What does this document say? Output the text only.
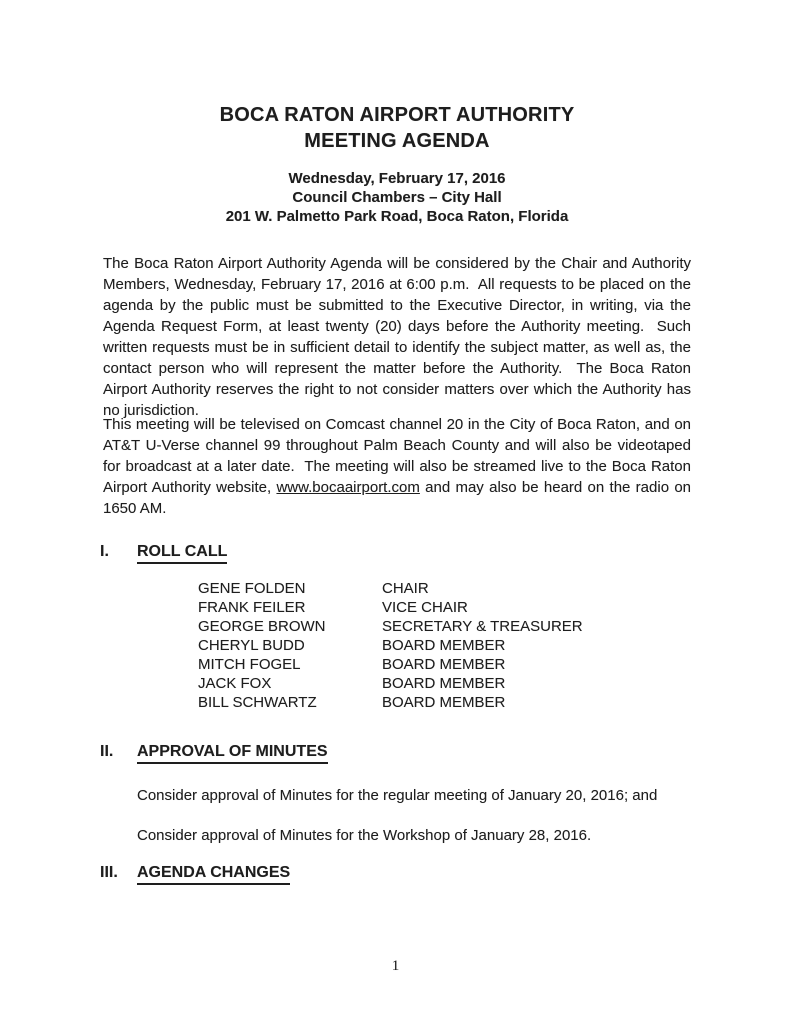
BOCA RATON AIRPORT AUTHORITY
MEETING AGENDA
Wednesday, February 17, 2016
Council Chambers – City Hall
201 W. Palmetto Park Road, Boca Raton, Florida
The Boca Raton Airport Authority Agenda will be considered by the Chair and Authority Members, Wednesday, February 17, 2016 at 6:00 p.m.  All requests to be placed on the agenda by the public must be submitted to the Executive Director, in writing, via the Agenda Request Form, at least twenty (20) days before the Authority meeting.  Such written requests must be in sufficient detail to identify the subject matter, as well as, the contact person who will represent the matter before the Authority.  The Boca Raton Airport Authority reserves the right to not consider matters over which the Authority has no jurisdiction.
This meeting will be televised on Comcast channel 20 in the City of Boca Raton, and on AT&T U-Verse channel 99 throughout Palm Beach County and will also be videotaped for broadcast at a later date.  The meeting will also be streamed live to the Boca Raton Airport Authority website, www.bocaairport.com and may also be heard on the radio on 1650 AM.
I.	ROLL CALL
GENE FOLDEN	CHAIR
FRANK FEILER	VICE CHAIR
GEORGE BROWN	SECRETARY & TREASURER
CHERYL BUDD	BOARD MEMBER
MITCH FOGEL	BOARD MEMBER
JACK FOX	BOARD MEMBER
BILL SCHWARTZ	BOARD MEMBER
II.	APPROVAL OF MINUTES
Consider approval of Minutes for the regular meeting of January 20, 2016; and
Consider approval of Minutes for the Workshop of January 28, 2016.
III.	AGENDA CHANGES
1
